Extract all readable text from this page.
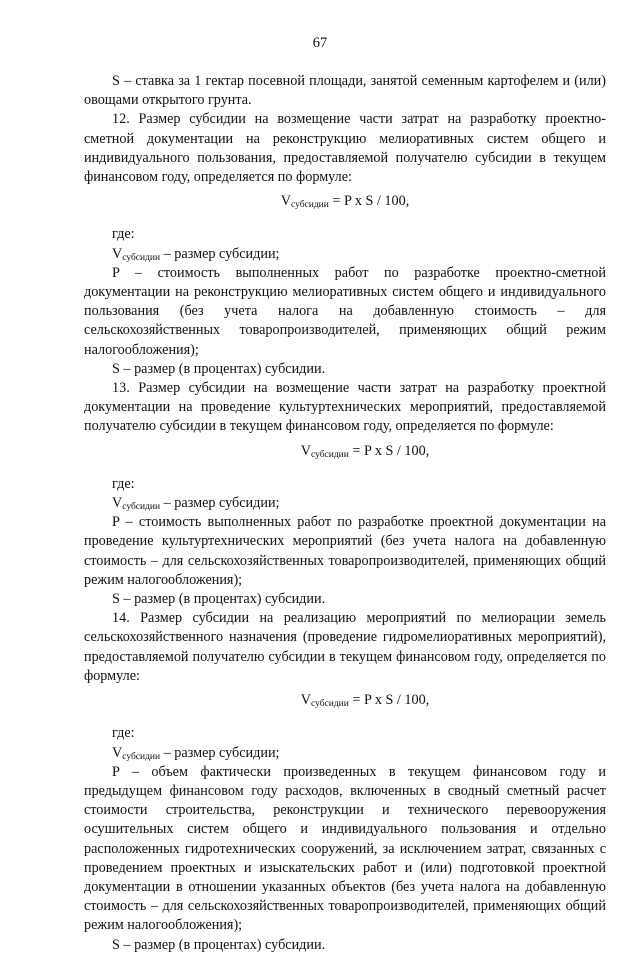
67

S – ставка за 1 гектар посевной площади, занятой семенным картофелем и (или) овощами открытого грунта.

12. Размер субсидии на возмещение части затрат на разработку проектно-сметной документации на реконструкцию мелиоративных систем общего и индивидуального пользования, предоставляемой получателю субсидии в текущем финансовом году, определяется по формуле:

$V_{субсидии} = P$ x S / 100,

где:

$V_{субсидии}$ – размер субсидии;

P – стоимость выполненных работ по разработке проектно-сметной документации на реконструкцию мелиоративных систем общего и индивидуального пользования (без учета налога на добавленную стоимость – для сельскохозяйственных товаропроизводителей, применяющих общий режим налогообложения);

S – размер (в процентах) субсидии.

13. Размер субсидии на возмещение части затрат на разработку проектной документации на проведение культуртехнических мероприятий, предоставляемой получателю субсидии в текущем финансовом году, определяется по формуле:

$V_{субсидии} = P$ x S / 100,

где:

$V_{субсидии}$ – размер субсидии;

P – стоимость выполненных работ по разработке проектной документации на проведение культуртехнических мероприятий (без учета налога на добавленную стоимость – для сельскохозяйственных товаропроизводителей, применяющих общий режим налогообложения);

S – размер (в процентах) субсидии.

14. Размер субсидии на реализацию мероприятий по мелиорации земель сельскохозяйственного назначения (проведение гидромелиоративных мероприятий), предоставляемой получателю субсидии в текущем финансовом году, определяется по формуле:

$V_{субсидии} = P$ x S / 100,

где:

$V_{субсидии}$ – размер субсидии;

P – объем фактически произведенных в текущем финансовом году и предыдущем финансовом году расходов, включенных в сводный сметный расчет стоимости строительства, реконструкции и технического перевооружения осушительных систем общего и индивидуального пользования и отдельно расположенных гидротехнических сооружений, за исключением затрат, связанных с проведением проектных и изыскательских работ и (или) подготовкой проектной документации в отношении указанных объектов (без учета налога на добавленную стоимость – для сельскохозяйственных товаропроизводителей, применяющих общий режим налогообложения);

S – размер (в процентах) субсидии.
